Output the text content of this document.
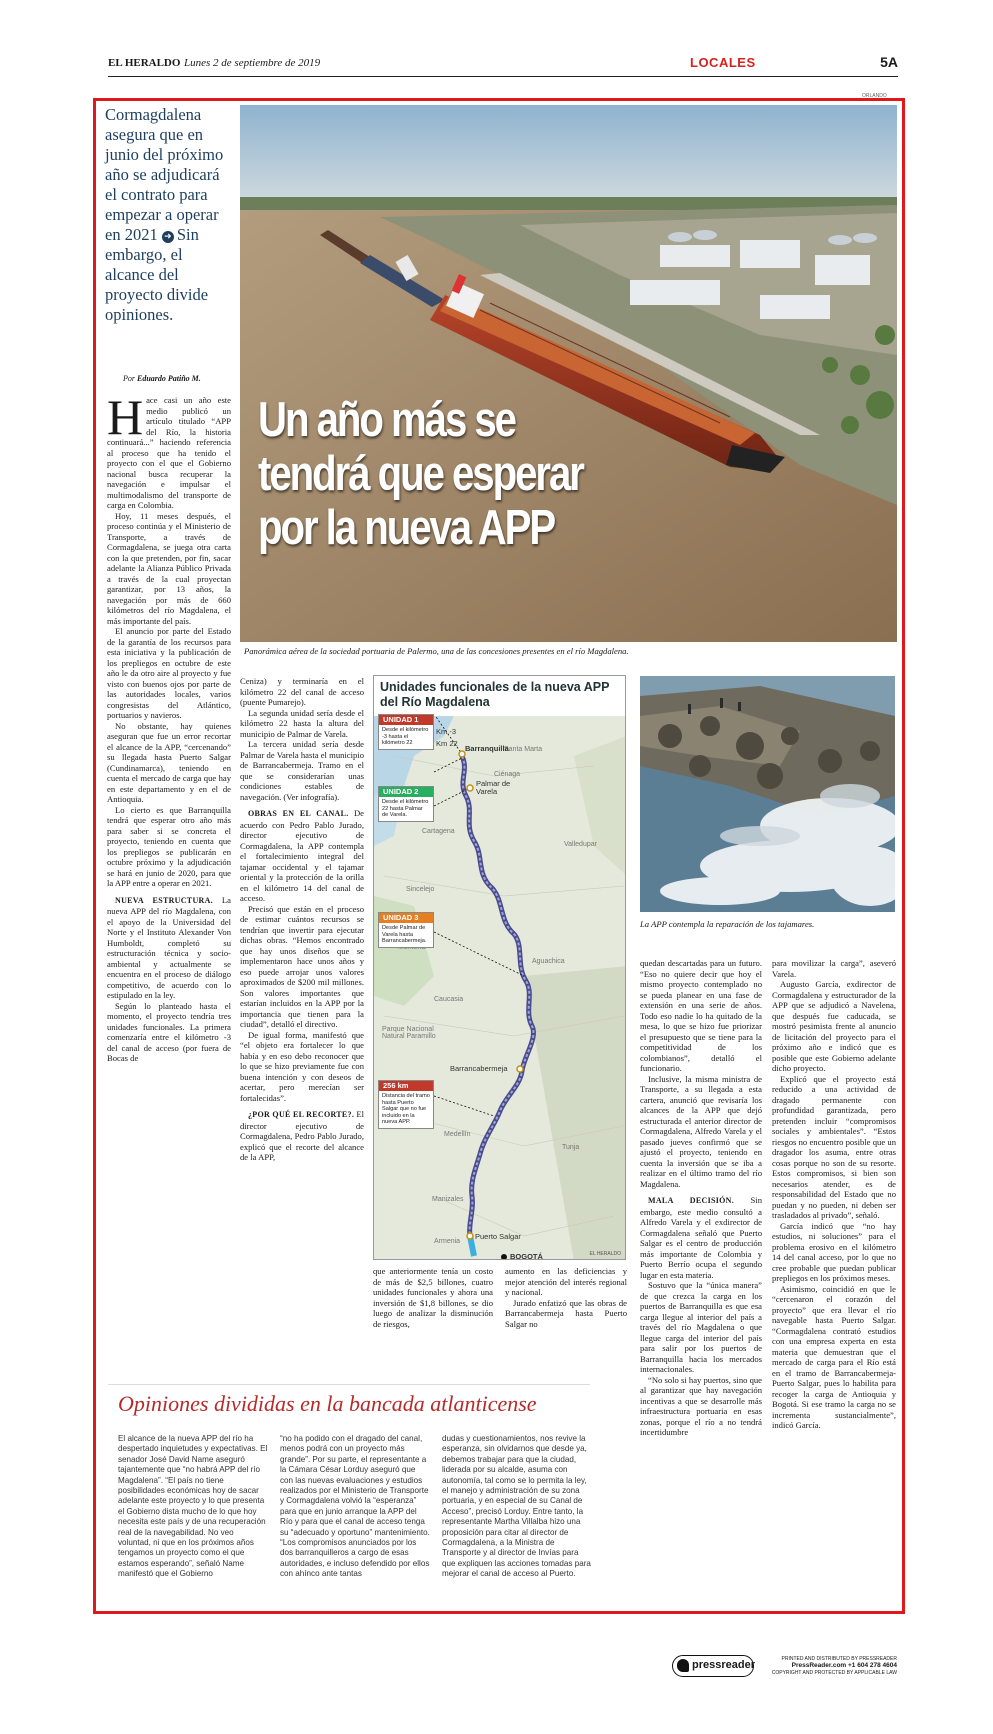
EL HERALDO Lunes 2 de septiembre de 2019	LOCALES	5A
ORLANDO
Cormagdalena asegura que en junio del próximo año se adjudicará el contrato para empezar a operar en 2021 ➜ Sin embargo, el alcance del proyecto divide opiniones.
Por Eduardo Patiño M.
Un año más se
tendrá que esperar
por la nueva APP
Panorámica aérea de la sociedad portuaria de Palermo, una de las concesiones presentes en el río Magdalena.

Hace casi un año este medio publicó un artículo titulado “APP del Río, la historia continuará...” haciendo referencia al proceso que ha tenido el proyecto con el que el Gobierno nacional busca recuperar la navegación e impulsar el multimodalismo del transporte de carga en Colombia.

Hoy, 11 meses después, el proceso continúa y el Ministerio de Transporte, a través de Cormagdalena, se juega otra carta con la que pretenden, por fin, sacar adelante la Alianza Público Privada a través de la cual proyectan garantizar, por 13 años, la navegación por más de 660 kilómetros del río Magdalena, el más importante del país.

El anuncio por parte del Estado de la garantía de los recursos para esta iniciativa y la publicación de los prepliegos en octubre de este año le da otro aire al proyecto y fue visto con buenos ojos por parte de las autoridades locales, varios congresistas del Atlántico, portuarios y navieros.

No obstante, hay quienes aseguran que fue un error recortar el alcance de la APP, “cercenando” su llegada hasta Puerto Salgar (Cundinamarca), teniendo en cuenta el mercado de carga que hay en este departamento y en el de Antioquia.

Lo cierto es que Barranquilla tendrá que esperar otro año más para saber si se concreta el proyecto, teniendo en cuenta que los prepliegos se publicarán en octubre próximo y la adjudicación se hará en junio de 2020, para que la APP entre a operar en 2021.

NUEVA ESTRUCTURA. La nueva APP del río Magdalena, con el apoyo de la Universidad del Norte y el Instituto Alexander Von Humboldt, completó su estructuración técnica y socio-ambiental y actualmente se encuentra en el proceso de diálogo competitivo, de acuerdo con lo estipulado en la ley.

Según lo planteado hasta el momento, el proyecto tendría tres unidades funcionales. La primera comenzaría entre el kilómetro -3 del canal de acceso (por fuera de Bocas de

Ceniza) y terminaría en el kilómetro 22 del canal de acceso (puente Pumarejo).

La segunda unidad sería desde el kilómetro 22 hasta la altura del municipio de Palmar de Varela.

La tercera unidad sería desde Palmar de Varela hasta el municipio de Barrancabermeja. Tramo en el que se considerarían unas condiciones estables de navegación. (Ver infografía).

OBRAS EN EL CANAL. De acuerdo con Pedro Pablo Jurado, director ejecutivo de Cormagdalena, la APP contempla el fortalecimiento integral del tajamar occidental y el tajamar oriental y la protección de la orilla en el kilómetro 14 del canal de acceso.

Precisó que están en el proceso de estimar cuántos recursos se tendrían que invertir para ejecutar dichas obras. “Hemos encontrado que hay unos diseños que se implementaron hace unos años y eso puede arrojar unos valores aproximados de $200 mil millones. Son valores importantes que estarían incluidos en la APP por la importancia que tienen para la ciudad”, detalló el directivo.

De igual forma, manifestó que “el objeto era fortalecer lo que había y en eso debo reconocer que lo que se hizo previamente fue con buena intención y con deseos de acertar, pero merecían ser fortalecidas”.

¿POR QUÉ EL RECORTE?. El director ejecutivo de Cormagdalena, Pedro Pablo Jurado, explicó que el recorte del alcance de la APP,

Unidades funcionales de la nueva APP del Río Magdalena
Santa Marta
Ciénaga
Cartagena
Valledupar
Sincelejo
Aguachica
Caucasia
Parque Nacional Natural Paramillo
Medellín
Tunja
Manizales
Armenia
Km -3
Km 22
Barranquilla
Palmar de Varela
Barrancabermeja
Puerto Salgar
BOGOTÁ
UNIDAD 1
Desde el kilómetro -3 hasta el kilómetro 22
UNIDAD 2
Desde el kilómetro 22 hasta Palmar de Varela.
UNIDAD 3
Desde Palmar de Varela hasta Barrancabermeja.
256 km
Distancia del tramo hasta Puerto Salgar que no fue incluido en la nueva APP.
EL HERALDO
La APP contempla la reparación de los tajamares.

que anteriormente tenía un costo de más de $2,5 billones, cuatro unidades funcionales y ahora una inversión de $1,8 billones, se dio luego de analizar la disminución de riesgos,

aumento en las deficiencias y mejor atención del interés regional y nacional.

Jurado enfatizó que las obras de Barrancabermeja hasta Puerto Salgar no

quedan descartadas para un futuro. “Eso no quiere decir que hoy el mismo proyecto contemplado no se pueda planear en una fase de extensión en una serie de años. Todo eso nadie lo ha quitado de la mesa, lo que se hizo fue priorizar el presupuesto que se tiene para la competitividad de los colombianos”, detalló el funcionario.

Inclusive, la misma ministra de Transporte, a su llegada a esta cartera, anunció que revisaría los alcances de la APP que dejó estructurada el anterior director de Cormagdalena, Alfredo Varela y el pasado jueves confirmó que se ajustó el proyecto, teniendo en cuenta la inversión que se iba a realizar en el último tramo del río Magdalena.

MALA DECISIÓN. Sin embargo, este medio consultó a Alfredo Varela y el exdirector de Cormagdalena señaló que Puerto Salgar es el centro de producción más importante de Colombia y Puerto Berrío ocupa el segundo lugar en esta materia.

Sostuvo que la “única manera” de que crezca la carga en los puertos de Barranquilla es que esa carga llegue al interior del país a través del río Magdalena o que llegue carga del interior del país para salir por los puertos de Barranquilla hacia los mercados internacionales.

“No solo si hay puertos, sino que al garantizar que hay navegación incentivas a que se desarrolle más infraestructura portuaria en esas zonas, porque el río a no tendrá incertidumbre

para movilizar la carga”, aseveró Varela.

Augusto García, exdirector de Cormagdalena y estructurador de la APP que se adjudicó a Navelena, que después fue caducada, se mostró pesimista frente al anuncio de licitación del proyecto para el próximo año e indicó que es posible que este Gobierno adelante dicho proyecto.

Explicó que el proyecto está reducido a una actividad de dragado permanente con profundidad garantizada, pero pretenden incluir “compromisos sociales y ambientales”. “Estos riesgos no encuentro posible que un dragador los asuma, entre otras cosas porque no son de su resorte. Estos compromisos, si bien son necesarios atender, es de responsabilidad del Estado que no puedan y no pueden, ni deben ser trasladados al privado”, señaló.

García indicó que “no hay estudios, ni soluciones” para el problema erosivo en el kilómetro 14 del canal acceso, por lo que no cree probable que puedan publicar prepliegos en los próximos meses.

Asimismo, coincidió en que le “cercenaron el corazón del proyecto” que era llevar el río navegable hasta Puerto Salgar. “Cormagdalena contrató estudios con una empresa experta en esta materia que demuestran que el mercado de carga para el Río está en el tramo de Barrancabermeja-Puerto Salgar, pues lo habilita para recoger la carga de Antioquia y Bogotá. Si ese tramo la carga no se incrementa sustancialmente”, indicó García.

Opiniones divididas en la bancada atlanticense
El alcance de la nueva APP del río ha despertado inquietudes y expectativas. El senador José David Name aseguró tajantemente que “no habrá APP del río Magdalena”. “El país no tiene posibilidades económicas hoy de sacar adelante este proyecto y lo que presenta el Gobierno dista mucho de lo que hoy necesita este país y de una recuperación real de la navegabilidad. No veo voluntad, ni que en los próximos años tengamos un proyecto como el que estamos esperando”, señaló Name manifestó que el Gobierno
“no ha podido con el dragado del canal, menos podrá con un proyecto más grande”. Por su parte, el representante a la Cámara César Lorduy aseguró que con las nuevas evaluaciones y estudios realizados por el Ministerio de Transporte y Cormagdalena volvió la “esperanza” para que en junio arranque la APP del Río y para que el canal de acceso tenga su “adecuado y oportuno” mantenimiento. “Los compromisos anunciados por los dos barranquilleros a cargo de esas autoridades, e incluso defendido por ellos con ahínco ante tantas
dudas y cuestionamientos, nos revive la esperanza, sin olvidarnos que desde ya, debemos trabajar para que la ciudad, liderada por su alcalde, asuma con autonomía, tal como se lo permita la ley, el manejo y administración de su zona portuaria, y en especial de su Canal de Acceso”, precisó Lorduy. Entre tanto, la representante Martha Villalba hizo una proposición para citar al director de Cormagdalena, a la Ministra de Transporte y al director de Invías para que expliquen las acciones tomadas para mejorar el canal de acceso al Puerto.
pressreader	PRINTED AND DISTRIBUTED BY PRESSREADER
PressReader.com +1 604 278 4604
COPYRIGHT AND PROTECTED BY APPLICABLE LAW
